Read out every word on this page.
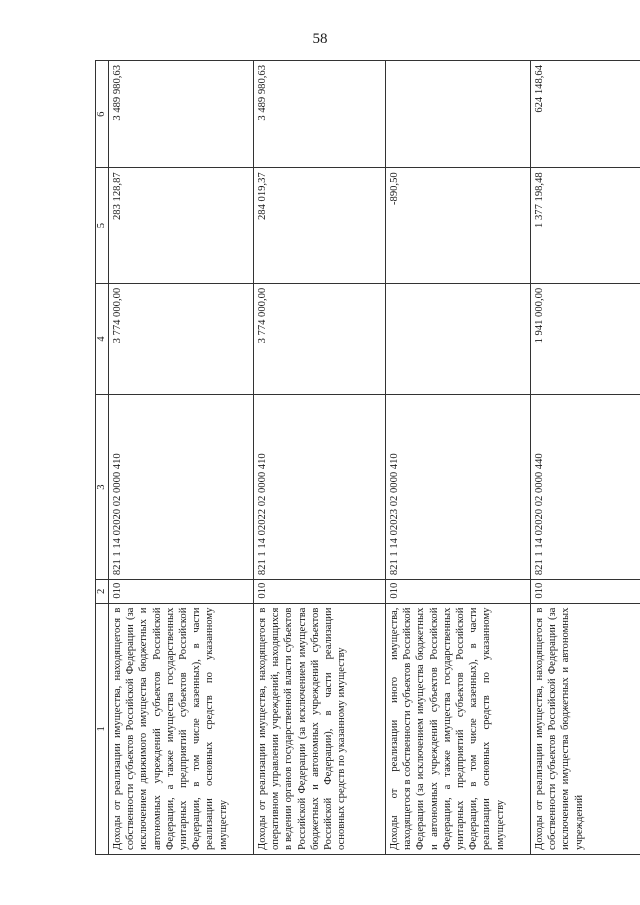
58
1	2	3	4	5	6
Доходы от реализации имущества, находящегося в собственности субъектов Российской Федерации (за исключением движимого имущества бюджетных и автономных учреждений субъектов Российской Федерации, а также имущества государственных унитарных предприятий субъектов Российской Федерации, в том числе казенных), в части реализации основных средств по указанному имуществу	010	821 1 14 02020 02 0000 410	3 774 000,00	283 128,87	3 489 980,63
Доходы от реализации имущества, находящегося в оперативном управлении учреждений, находящихся в ведении органов государственной власти субъектов Российской Федерации (за исключением имущества бюджетных и автономных учреждений субъектов Российской Федерации), в части реализации основных средств по указанному имуществу	010	821 1 14 02022 02 0000 410	3 774 000,00	284 019,37	3 489 980,63
Доходы от реализации иного имущества, находящегося в собственности субъектов Российской Федерации (за исключением имущества бюджетных и автономных учреждений субъектов Российской Федерации, а также имущества государственных унитарных предприятий субъектов Российской Федерации, в том числе казенных), в части реализации основных средств по указанному имуществу	010	821 1 14 02023 02 0000 410		-890,50	
Доходы от реализации имущества, находящегося в собственности субъектов Российской Федерации (за исключением имущества бюджетных и автономных учреждений	010	821 1 14 02020 02 0000 440	1 941 000,00	1 377 198,48	624 148,64
